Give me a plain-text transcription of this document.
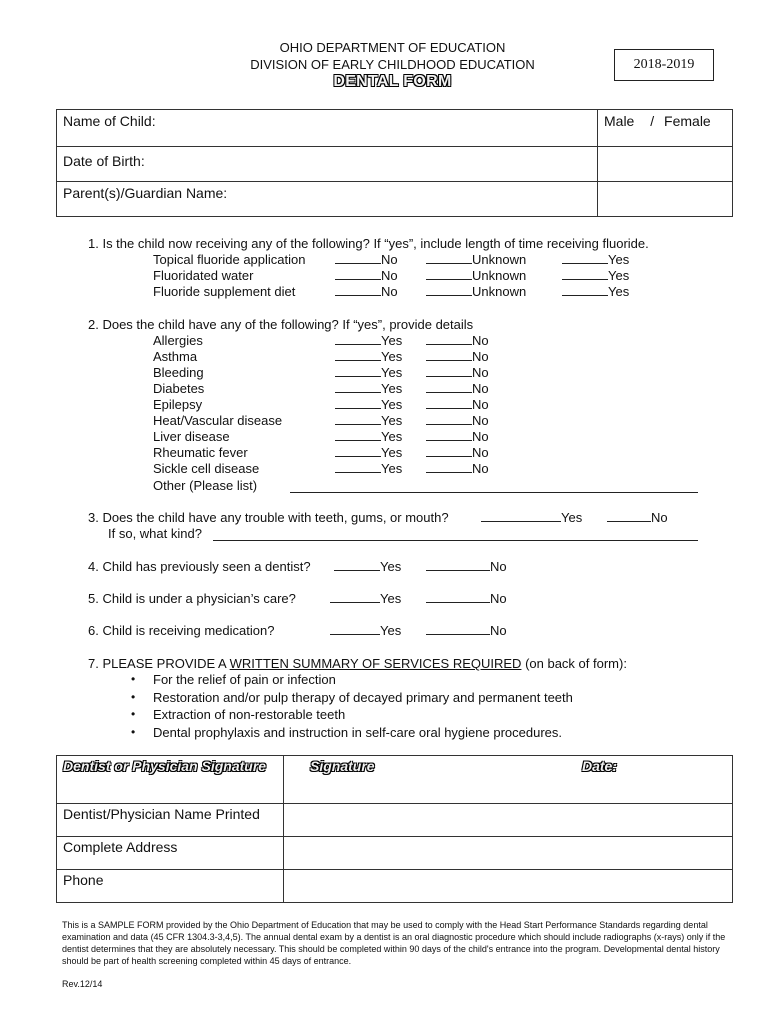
OHIO DEPARTMENT OF EDUCATION
DIVISION OF EARLY CHILDHOOD EDUCATION
DENTAL FORM
2018-2019
Name of Child:	Male / Female
Date of Birth:	
Parent(s)/Guardian Name:	
1. Is the child now receiving any of the following? If “yes”, include length of time receiving fluoride.
Topical fluoride application	No	Unknown	Yes
Fluoridated water	No	Unknown	Yes
Fluoride supplement diet	No	Unknown	Yes
2. Does the child have any of the following? If “yes”, provide details
Allergies	Yes	No
Asthma	Yes	No
Bleeding	Yes	No
Diabetes	Yes	No
Epilepsy	Yes	No
Heat/Vascular disease	Yes	No
Liver disease	Yes	No
Rheumatic fever	Yes	No
Sickle cell disease	Yes	No
Other (Please list)
3. Does the child have any trouble with teeth, gums, or mouth?	Yes	No
If so, what kind?
4. Child has previously seen a dentist?	Yes	No
5. Child is under a physician’s care?	Yes	No
6. Child is receiving medication?	Yes	No
7. PLEASE PROVIDE A WRITTEN SUMMARY OF SERVICES REQUIRED (on back of form):
• For the relief of pain or infection
• Restoration and/or pulp therapy of decayed primary and permanent teeth
• Extraction of non-restorable teeth
• Dental prophylaxis and instruction in self-care oral hygiene procedures.
Dentist or Physician Signature	Signature Date:

Dentist/Physician Name Printed	
Complete Address	
Phone	
This is a SAMPLE FORM provided by the Ohio Department of Education that may be used to comply with the Head Start Performance Standards regarding dental examination and data (45 CFR 1304.3-3,4,5). The annual dental exam by a dentist is an oral diagnostic procedure which should include radiographs (x-rays) only if the dentist determines that they are absolutely necessary. This should be completed within 90 days of the child's entrance into the program. Developmental dental history should be part of health screening completed within 45 days of entrance.
Rev.12/14
